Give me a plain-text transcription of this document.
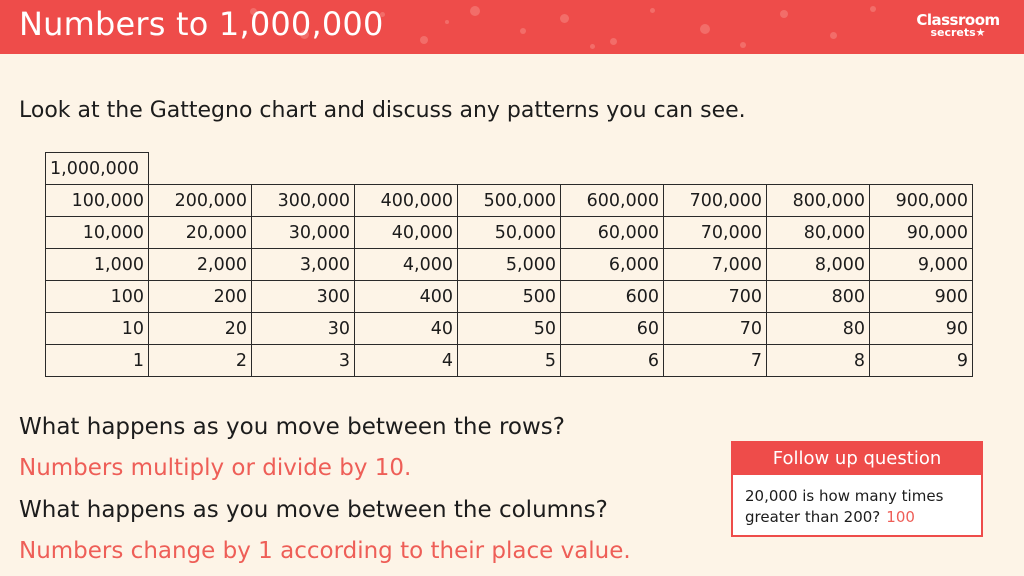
Numbers to 1,000,000	Classroom
secrets★
Look at the Gattegno chart and discuss any patterns you can see.
1,000,000								
100,000	200,000	300,000	400,000	500,000	600,000	700,000	800,000	900,000
10,000	20,000	30,000	40,000	50,000	60,000	70,000	80,000	90,000
1,000	2,000	3,000	4,000	5,000	6,000	7,000	8,000	9,000
100	200	300	400	500	600	700	800	900
10	20	30	40	50	60	70	80	90
1	2	3	4	5	6	7	8	9
What happens as you move between the rows?
Numbers multiply or divide by 10.
What happens as you move between the columns?
Numbers change by 1 according to their place value.
Follow up question
20,000 is how many times
greater than 200? 100
